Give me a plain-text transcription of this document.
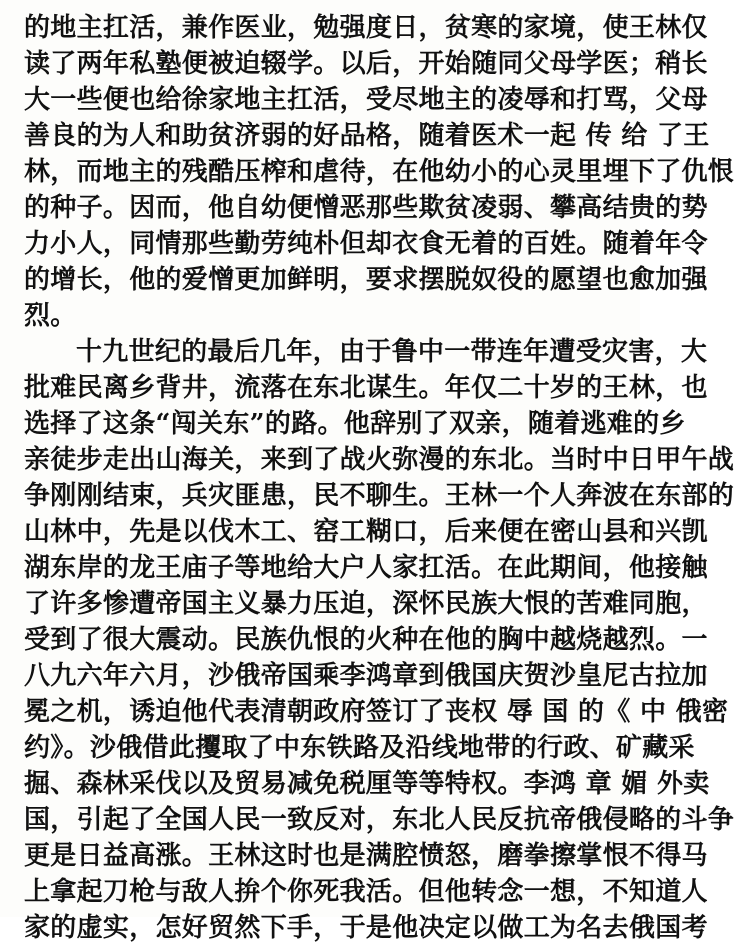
的地主扛活，兼作医业，勉强度日，贫寒的家境，使王林仅
读了两年私塾便被迫辍学。以后，开始随同父母学医；稍长
大一些便也给徐家地主扛活，受尽地主的凌辱和打骂，父母
善良的为人和助贫济弱的好品格，随着医术一起 传 给 了王
林，而地主的残酷压榨和虐待，在他幼小的心灵里埋下了仇恨
的种子。因而，他自幼便憎恶那些欺贫凌弱、攀高结贵的势
力小人，同情那些勤劳纯朴但却衣食无着的百姓。随着年令
的增长，他的爱憎更加鲜明，要求摆脱奴役的愿望也愈加强
烈。
十九世纪的最后几年，由于鲁中一带连年遭受灾害，大
批难民离乡背井，流落在东北谋生。年仅二十岁的王林，也
选择了这条“闯关东”的路。他辞别了双亲，随着逃难的乡
亲徒步走出山海关，来到了战火弥漫的东北。当时中日甲午战
争刚刚结束，兵灾匪患，民不聊生。王林一个人奔波在东部的
山林中，先是以伐木工、窑工糊口，后来便在密山县和兴凯
湖东岸的龙王庙子等地给大户人家扛活。在此期间，他接触
了许多惨遭帝国主义暴力压迫，深怀民族大恨的苦难同胞，
受到了很大震动。民族仇恨的火种在他的胸中越烧越烈。一
八九六年六月，沙俄帝国乘李鸿章到俄国庆贺沙皇尼古拉加
冕之机，诱迫他代表清朝政府签订了丧权 辱 国 的《 中 俄密
约》。沙俄借此攫取了中东铁路及沿线地带的行政、矿藏采
掘、森林采伐以及贸易减免税厘等等特权。李鸿 章 媚 外卖
国，引起了全国人民一致反对，东北人民反抗帝俄侵略的斗争
更是日益高涨。王林这时也是满腔愤怒，磨拳擦掌恨不得马
上拿起刀枪与敌人拚个你死我活。但他转念一想，不知道人
家的虚实，怎好贸然下手，于是他决定以做工为名去俄国考
